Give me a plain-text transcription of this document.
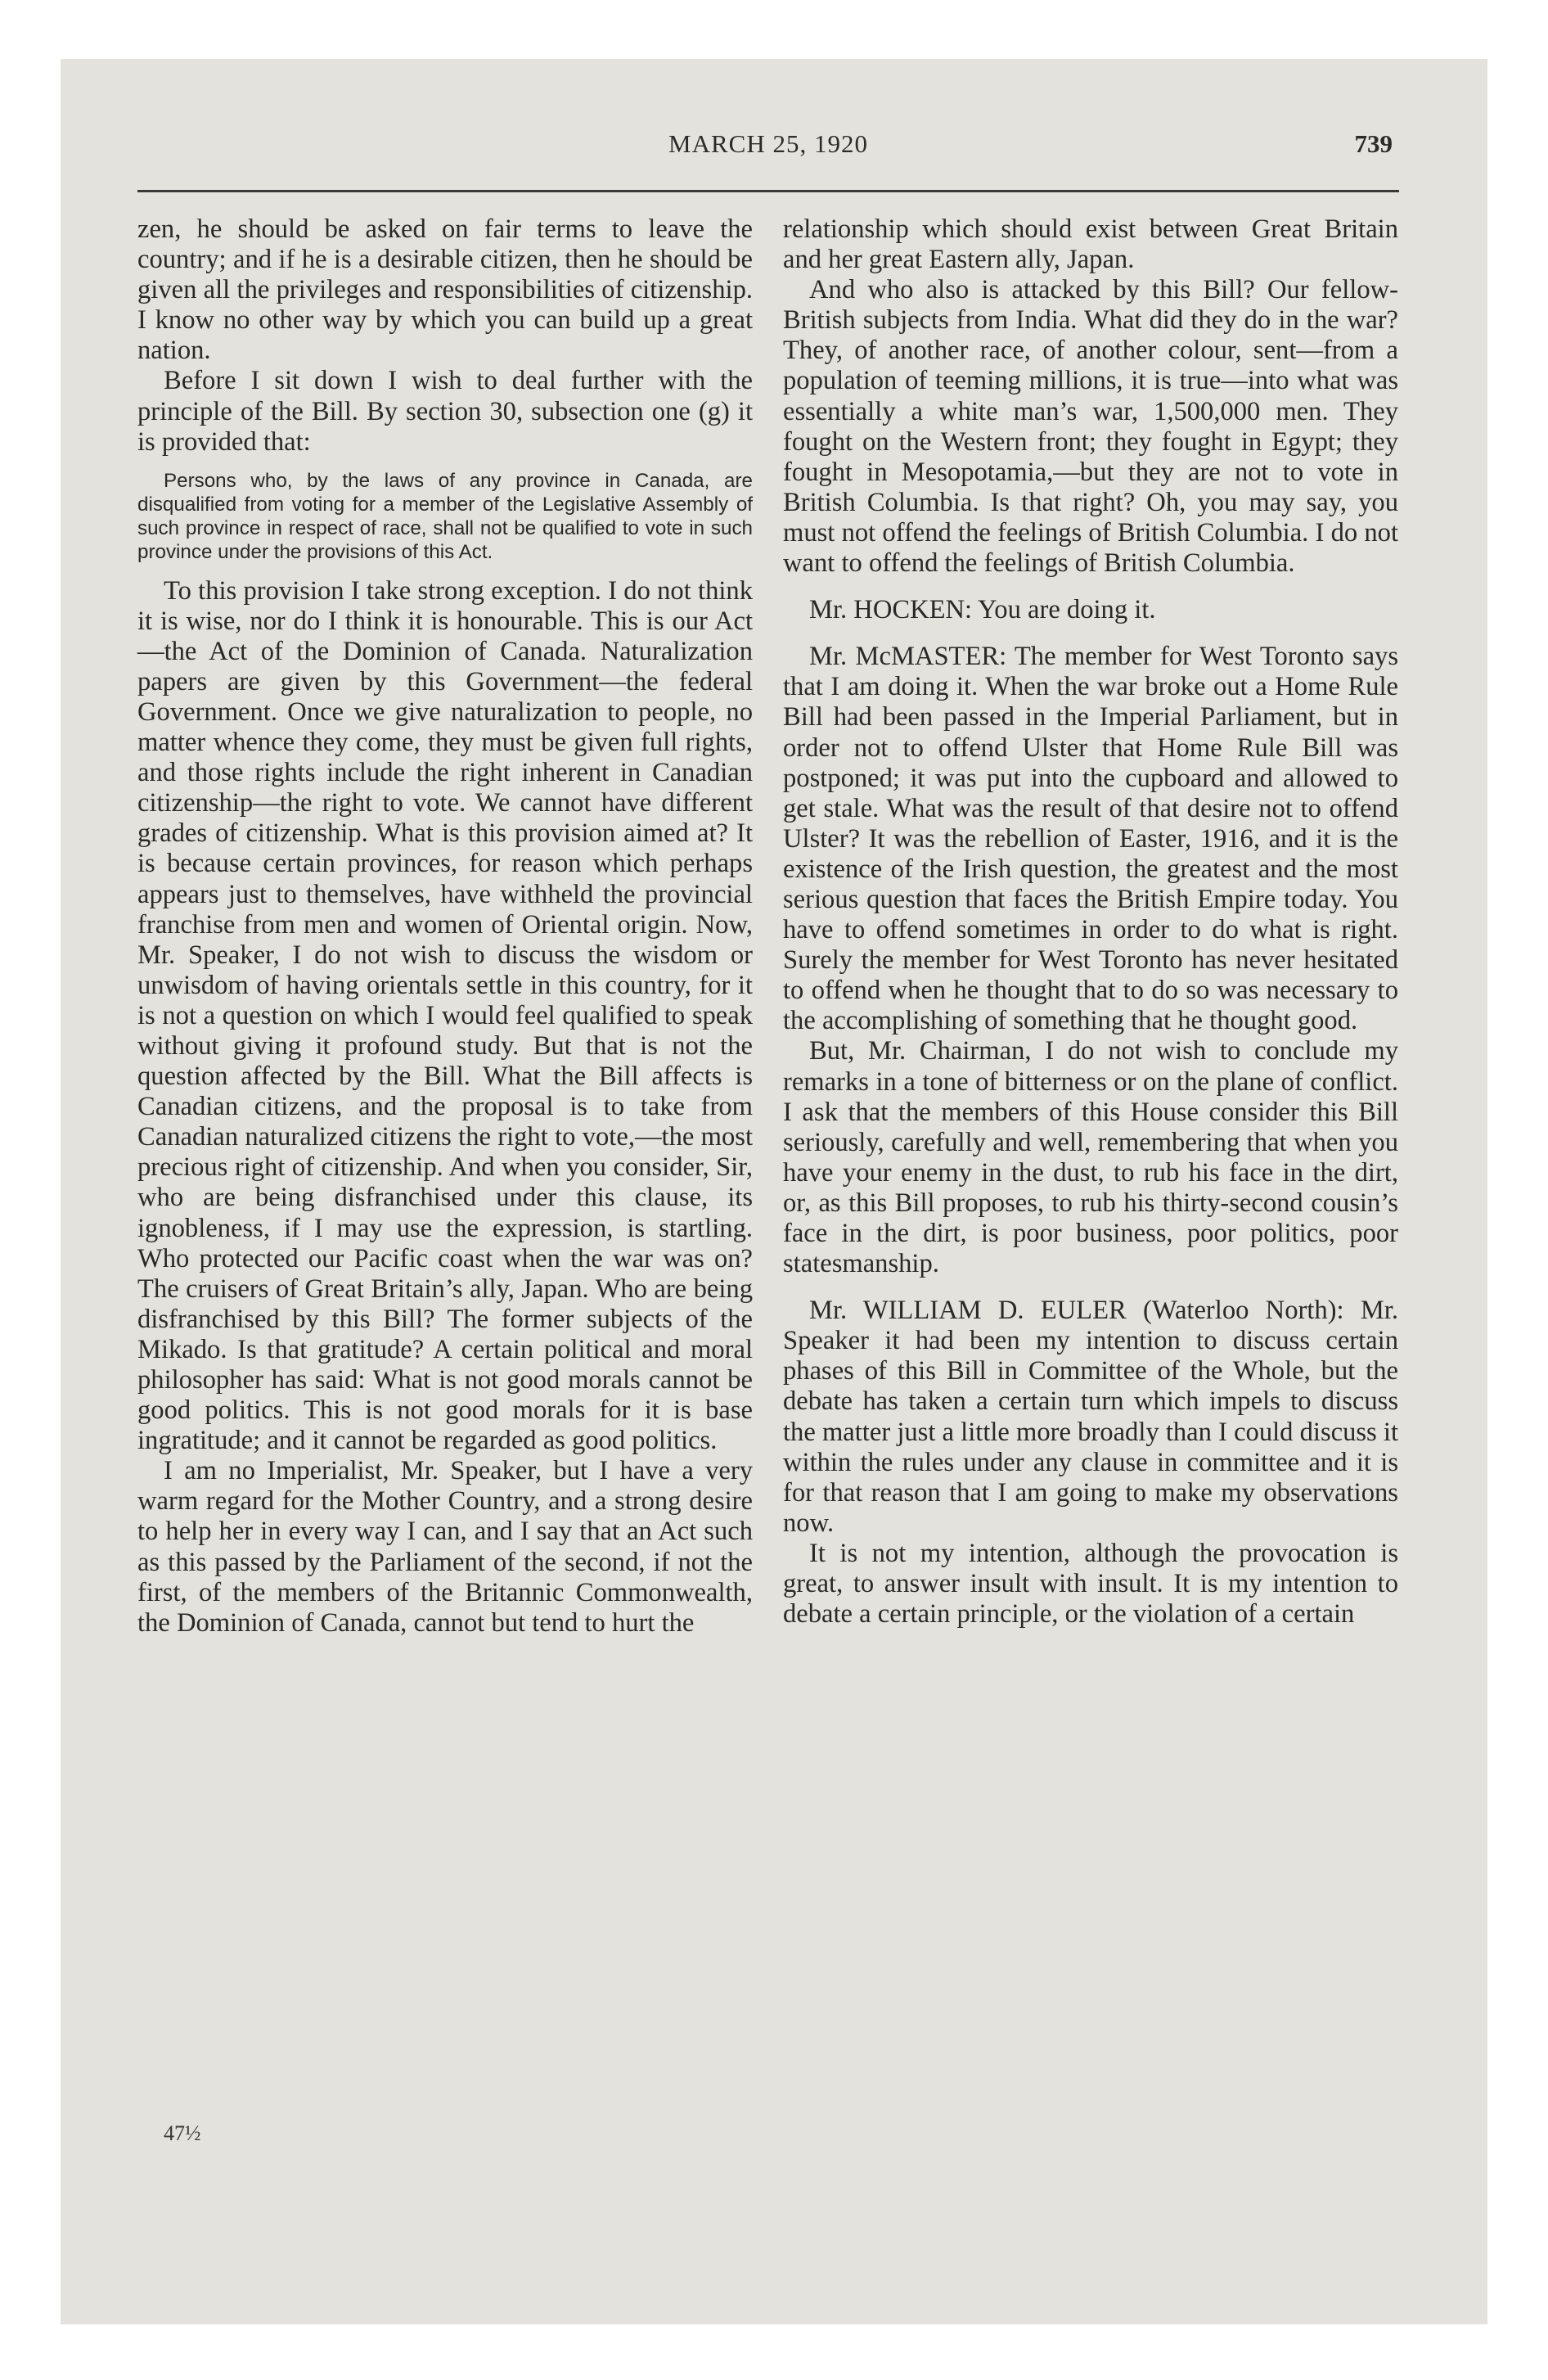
MARCH 25, 1920	739

zen, he should be asked on fair terms to leave the country; and if he is a desirable citizen, then he should be given all the privileges and responsibilities of citizenship. I know no other way by which you can build up a great nation.

Before I sit down I wish to deal further with the principle of the Bill. By section 30, subsection one (g) it is provided that:

Persons who, by the laws of any province in Canada, are disqualified from voting for a member of the Legislative Assembly of such province in respect of race, shall not be qualified to vote in such province under the provisions of this Act.

To this provision I take strong exception. I do not think it is wise, nor do I think it is honourable. This is our Act—the Act of the Dominion of Canada. Naturalization papers are given by this Government—the federal Government. Once we give naturalization to people, no matter whence they come, they must be given full rights, and those rights include the right inherent in Canadian citizenship—the right to vote. We cannot have different grades of citizenship. What is this provision aimed at? It is because certain provinces, for reason which perhaps appears just to themselves, have withheld the provincial franchise from men and women of Oriental origin. Now, Mr. Speaker, I do not wish to discuss the wisdom or unwisdom of having orientals settle in this country, for it is not a question on which I would feel qualified to speak without giving it profound study. But that is not the question affected by the Bill. What the Bill affects is Canadian citizens, and the proposal is to take from Canadian naturalized citizens the right to vote,—the most precious right of citizenship. And when you consider, Sir, who are being disfranchised under this clause, its ignobleness, if I may use the expression, is startling. Who protected our Pacific coast when the war was on? The cruisers of Great Britain’s ally, Japan. Who are being disfranchised by this Bill? The former subjects of the Mikado. Is that gratitude? A certain political and moral philosopher has said: What is not good morals cannot be good politics. This is not good morals for it is base ingratitude; and it cannot be regarded as good politics.

I am no Imperialist, Mr. Speaker, but I have a very warm regard for the Mother Country, and a strong desire to help her in every way I can, and I say that an Act such as this passed by the Parliament of the second, if not the first, of the members of the Britannic Commonwealth, the Dominion of Canada, cannot but tend to hurt the

47½

relationship which should exist between Great Britain and her great Eastern ally, Japan.

And who also is attacked by this Bill? Our fellow-British subjects from India. What did they do in the war? They, of another race, of another colour, sent—from a population of teeming millions, it is true—into what was essentially a white man’s war, 1,500,000 men. They fought on the Western front; they fought in Egypt; they fought in Mesopotamia,—but they are not to vote in British Columbia. Is that right? Oh, you may say, you must not offend the feelings of British Columbia. I do not want to offend the feelings of British Columbia.

Mr. HOCKEN: You are doing it.

Mr. McMASTER: The member for West Toronto says that I am doing it. When the war broke out a Home Rule Bill had been passed in the Imperial Parliament, but in order not to offend Ulster that Home Rule Bill was postponed; it was put into the cupboard and allowed to get stale. What was the result of that desire not to offend Ulster? It was the rebellion of Easter, 1916, and it is the existence of the Irish question, the greatest and the most serious question that faces the British Empire today. You have to offend sometimes in order to do what is right. Surely the member for West Toronto has never hesitated to offend when he thought that to do so was necessary to the accomplishing of something that he thought good.

But, Mr. Chairman, I do not wish to conclude my remarks in a tone of bitterness or on the plane of conflict. I ask that the members of this House consider this Bill seriously, carefully and well, remembering that when you have your enemy in the dust, to rub his face in the dirt, or, as this Bill proposes, to rub his thirty-second cousin’s face in the dirt, is poor business, poor politics, poor statesmanship.

Mr. WILLIAM D. EULER (Waterloo North): Mr. Speaker it had been my intention to discuss certain phases of this Bill in Committee of the Whole, but the debate has taken a certain turn which impels to discuss the matter just a little more broadly than I could discuss it within the rules under any clause in committee and it is for that reason that I am going to make my observations now.

It is not my intention, although the provocation is great, to answer insult with insult. It is my intention to debate a certain principle, or the violation of a certain
